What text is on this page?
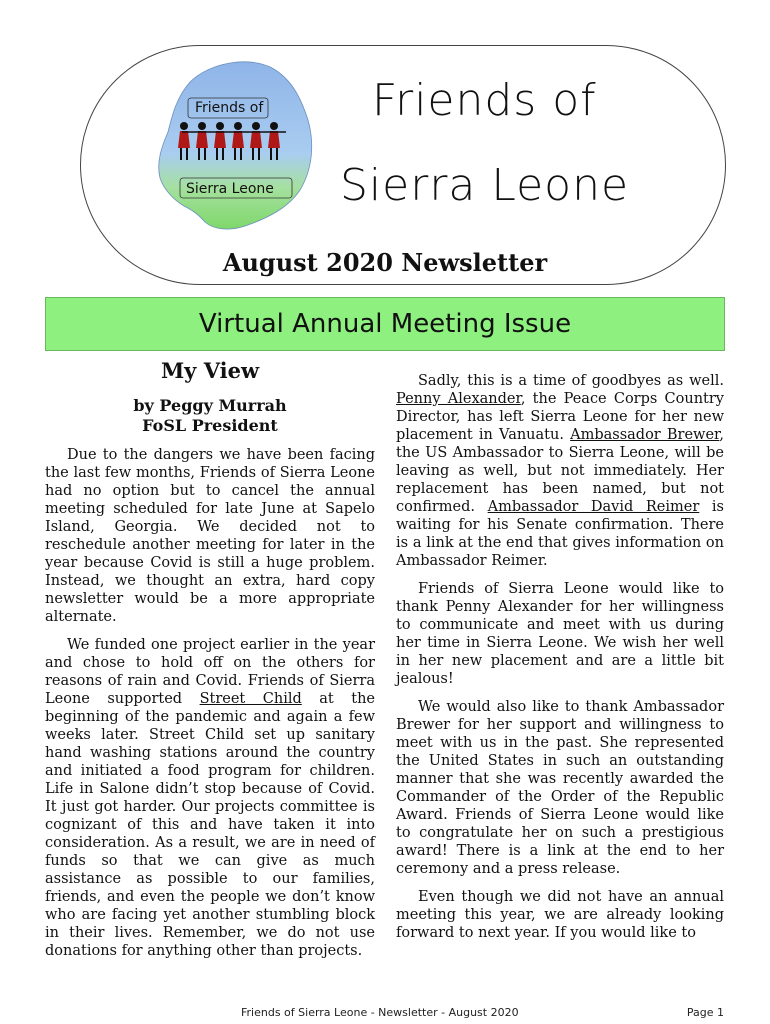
Friends of
Sierra Leone
Friends of
Sierra Leone
August 2020 Newsletter
Virtual Annual Meeting Issue
My View
by Peggy Murrah
FoSL President

Due to the dangers we have been facing the last few months, Friends of Sierra Leone had no option but to cancel the annual meeting scheduled for late June at Sapelo Island, Georgia. We decided not to reschedule another meeting for later in the year because Covid is still a huge problem. Instead, we thought an extra, hard copy newsletter would be a more appropriate alternate.

We funded one project earlier in the year and chose to hold off on the others for reasons of rain and Covid. Friends of Sierra Leone supported Street Child at the beginning of the pandemic and again a few weeks later. Street Child set up sanitary hand washing stations around the country and initiated a food program for children. Life in Salone didn’t stop because of Covid. It just got harder. Our projects committee is cognizant of this and have taken it into consideration. As a result, we are in need of funds so that we can give as much assistance as possible to our families, friends, and even the people we don’t know who are facing yet another stumbling block in their lives. Remember, we do not use donations for anything other than projects.

Sadly, this is a time of goodbyes as well. Penny Alexander, the Peace Corps Country Director, has left Sierra Leone for her new placement in Vanuatu. Ambassador Brewer, the US Ambassador to Sierra Leone, will be leaving as well, but not immediately. Her replacement has been named, but not confirmed. Ambassador David Reimer is waiting for his Senate confirmation. There is a link at the end that gives information on Ambassador Reimer.

Friends of Sierra Leone would like to thank Penny Alexander for her willingness to communicate and meet with us during her time in Sierra Leone. We wish her well in her new placement and are a little bit jealous!

We would also like to thank Ambassador Brewer for her support and willingness to meet with us in the past. She represented the United States in such an outstanding manner that she was recently awarded the Commander of the Order of the Republic Award. Friends of Sierra Leone would like to congratulate her on such a prestigious award! There is a link at the end to her ceremony and a press release.

Even though we did not have an annual meeting this year, we are already looking forward to next year. If you would like to

Friends of Sierra Leone - Newsletter - August 2020	Page 1
